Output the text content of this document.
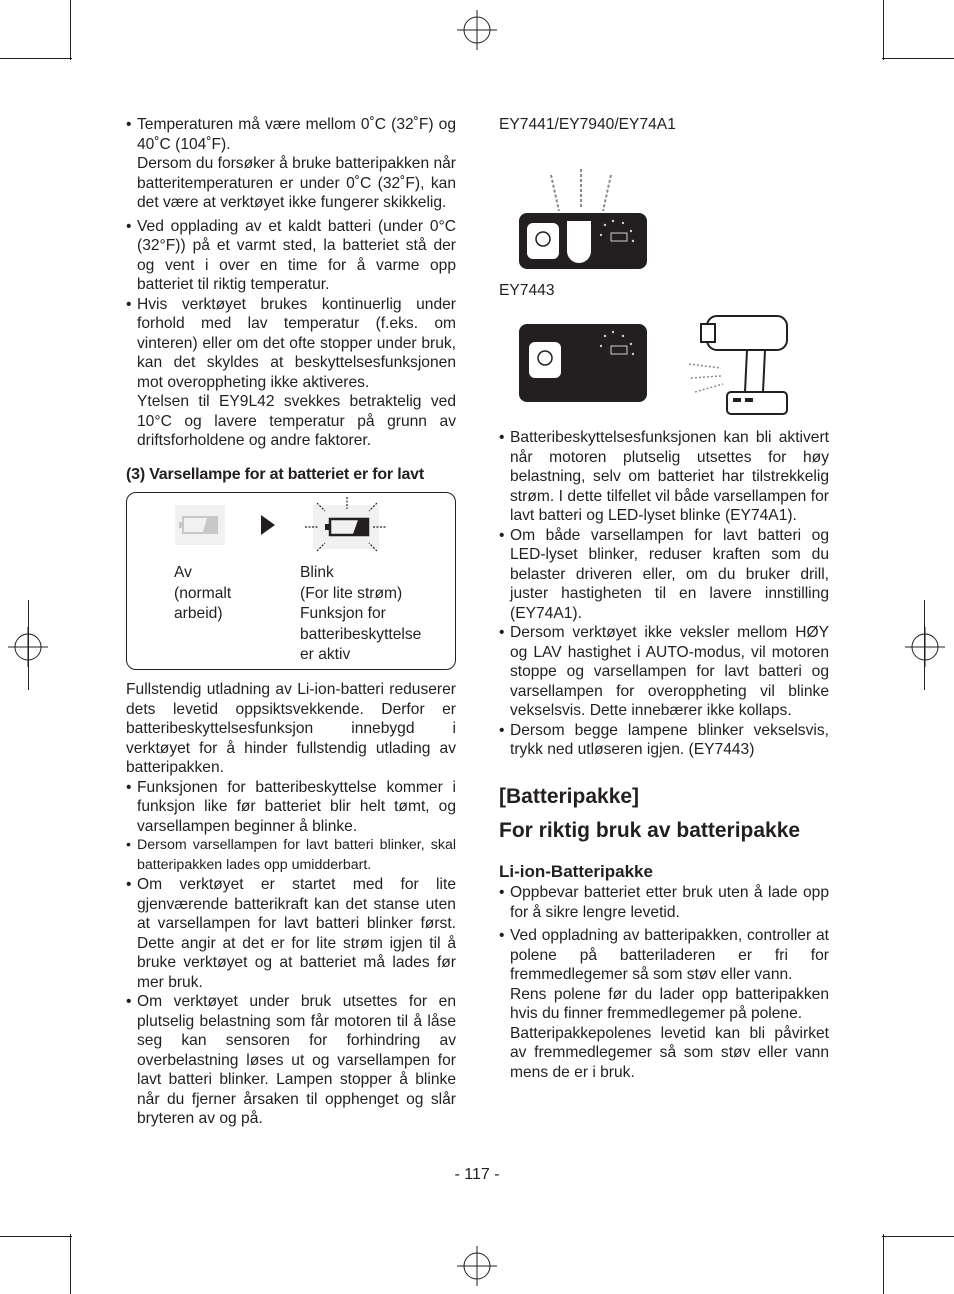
• Temperaturen må være mellom 0˚C (32˚F) og 40˚C (104˚F).
Dersom du forsøker å bruke batteripakken når batteritemperaturen er under 0˚C (32˚F), kan det være at verktøyet ikke fungerer skikkelig.
• Ved opplading av et kaldt batteri (under 0°C (32°F)) på et varmt sted, la batteriet stå der og vent i over en time for å varme opp batteriet til riktig temperatur.
• Hvis verktøyet brukes kontinuerlig under forhold med lav temperatur (f.eks. om vinteren) eller om det ofte stopper under bruk, kan det skyldes at beskyttelsesfunksjonen mot overoppheting ikke aktiveres.
Ytelsen til EY9L42 svekkes betraktelig ved 10°C og lavere temperatur på grunn av driftsforholdene og andre faktorer.
(3) Varsellampe for at batteriet er for lavt
Av
(normalt
arbeid)
Blink
(For lite strøm)
Funksjon for
batteribeskyttelse
er aktiv
Fullstendig utladning av Li-ion-batteri reduserer dets levetid oppsiktsvekkende. Derfor er batteribeskyttelsesfunksjon innebygd i verktøyet for å hinder fullstendig utlading av batteripakken.
• Funksjonen for batteribeskyttelse kommer i funksjon like før batteriet blir helt tømt, og varsellampen beginner å blinke.
• Dersom varsellampen for lavt batteri blinker, skal batteripakken lades opp umidderbart.
• Om verktøyet er startet med for lite gjenværende batterikraft kan det stanse uten at varsellampen for lavt batteri blinker først. Dette angir at det er for lite strøm igjen til å bruke verktøyet og at batteriet må lades før mer bruk.
• Om verktøyet under bruk utsettes for en plutselig belastning som får motoren til å låse seg kan sensoren for forhindring av overbelastning løses ut og varsellampen for lavt batteri blinker. Lampen stopper å blinke når du fjerner årsaken til opphenget og slår bryteren av og på.
EY7441/EY7940/EY74A1
EY7443
• Batteribeskyttelsesfunksjonen kan bli aktivert når motoren plutselig utsettes for høy belastning, selv om batteriet har tilstrekkelig strøm. I dette tilfellet vil både varsellampen for lavt batteri og LED-lyset blinke (EY74A1).
• Om både varsellampen for lavt batteri og LED-lyset blinker, reduser kraften som du belaster driveren eller, om du bruker drill, juster hastigheten til en lavere innstilling (EY74A1).
• Dersom verktøyet ikke veksler mellom HØY og LAV hastighet i AUTO-modus, vil motoren stoppe og varsellampen for lavt batteri og varsellampen for overoppheting vil blinke vekselsvis. Dette innebærer ikke kollaps.
• Dersom begge lampene blinker vekselsvis, trykk ned utløseren igjen. (EY7443)
[Batteripakke]
For riktig bruk av batteripakke
Li-ion-Batteripakke
• Oppbevar batteriet etter bruk uten å lade opp for å sikre lengre levetid.
• Ved oppladning av batteripakken, controller at polene på batteriladeren er fri for fremmedlegemer så som støv eller vann.
Rens polene før du lader opp batteripakken hvis du finner fremmedlegemer på polene.
Batteripakkepolenes levetid kan bli påvirket av fremmedlegemer så som støv eller vann mens de er i bruk.
- 117 -
